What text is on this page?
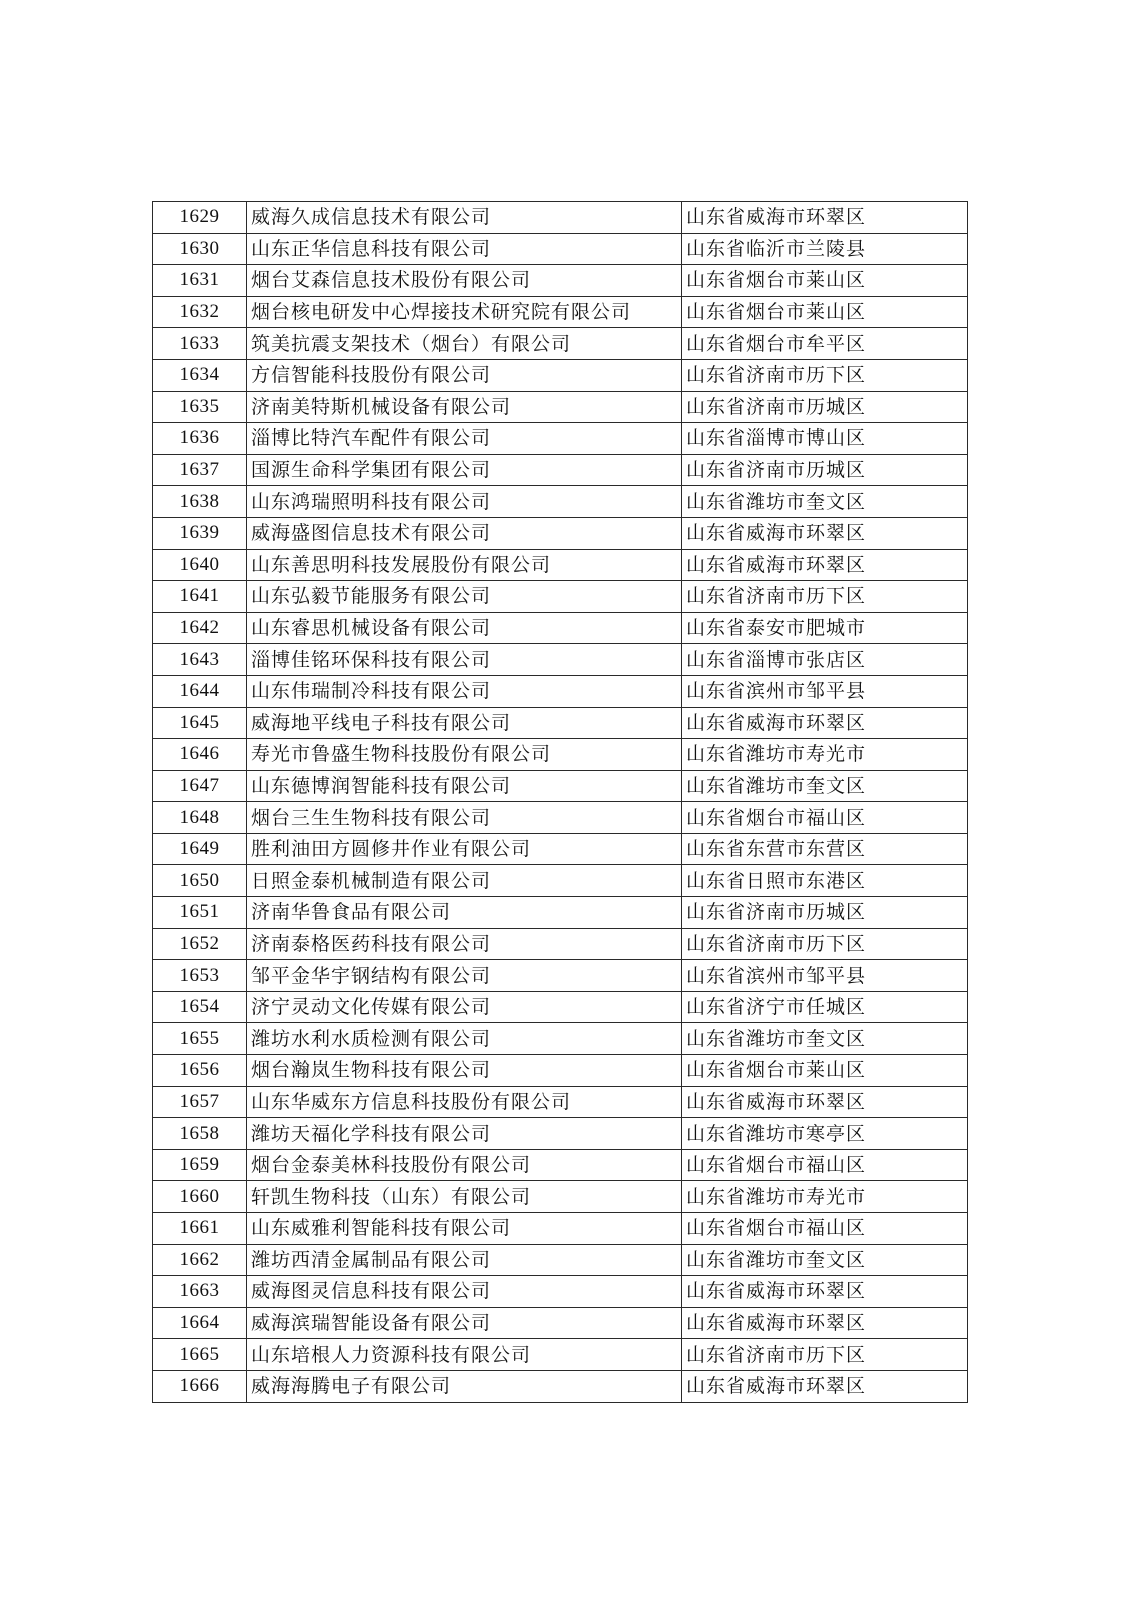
1629	威海久成信息技术有限公司	山东省威海市环翠区
1630	山东正华信息科技有限公司	山东省临沂市兰陵县
1631	烟台艾森信息技术股份有限公司	山东省烟台市莱山区
1632	烟台核电研发中心焊接技术研究院有限公司	山东省烟台市莱山区
1633	筑美抗震支架技术（烟台）有限公司	山东省烟台市牟平区
1634	方信智能科技股份有限公司	山东省济南市历下区
1635	济南美特斯机械设备有限公司	山东省济南市历城区
1636	淄博比特汽车配件有限公司	山东省淄博市博山区
1637	国源生命科学集团有限公司	山东省济南市历城区
1638	山东鸿瑞照明科技有限公司	山东省潍坊市奎文区
1639	威海盛图信息技术有限公司	山东省威海市环翠区
1640	山东善思明科技发展股份有限公司	山东省威海市环翠区
1641	山东弘毅节能服务有限公司	山东省济南市历下区
1642	山东睿思机械设备有限公司	山东省泰安市肥城市
1643	淄博佳铭环保科技有限公司	山东省淄博市张店区
1644	山东伟瑞制冷科技有限公司	山东省滨州市邹平县
1645	威海地平线电子科技有限公司	山东省威海市环翠区
1646	寿光市鲁盛生物科技股份有限公司	山东省潍坊市寿光市
1647	山东德博润智能科技有限公司	山东省潍坊市奎文区
1648	烟台三生生物科技有限公司	山东省烟台市福山区
1649	胜利油田方圆修井作业有限公司	山东省东营市东营区
1650	日照金泰机械制造有限公司	山东省日照市东港区
1651	济南华鲁食品有限公司	山东省济南市历城区
1652	济南泰格医药科技有限公司	山东省济南市历下区
1653	邹平金华宇钢结构有限公司	山东省滨州市邹平县
1654	济宁灵动文化传媒有限公司	山东省济宁市任城区
1655	潍坊水利水质检测有限公司	山东省潍坊市奎文区
1656	烟台瀚岚生物科技有限公司	山东省烟台市莱山区
1657	山东华威东方信息科技股份有限公司	山东省威海市环翠区
1658	潍坊天福化学科技有限公司	山东省潍坊市寒亭区
1659	烟台金泰美林科技股份有限公司	山东省烟台市福山区
1660	轩凯生物科技（山东）有限公司	山东省潍坊市寿光市
1661	山东威雅利智能科技有限公司	山东省烟台市福山区
1662	潍坊西清金属制品有限公司	山东省潍坊市奎文区
1663	威海图灵信息科技有限公司	山东省威海市环翠区
1664	威海滨瑞智能设备有限公司	山东省威海市环翠区
1665	山东培根人力资源科技有限公司	山东省济南市历下区
1666	威海海腾电子有限公司	山东省威海市环翠区
